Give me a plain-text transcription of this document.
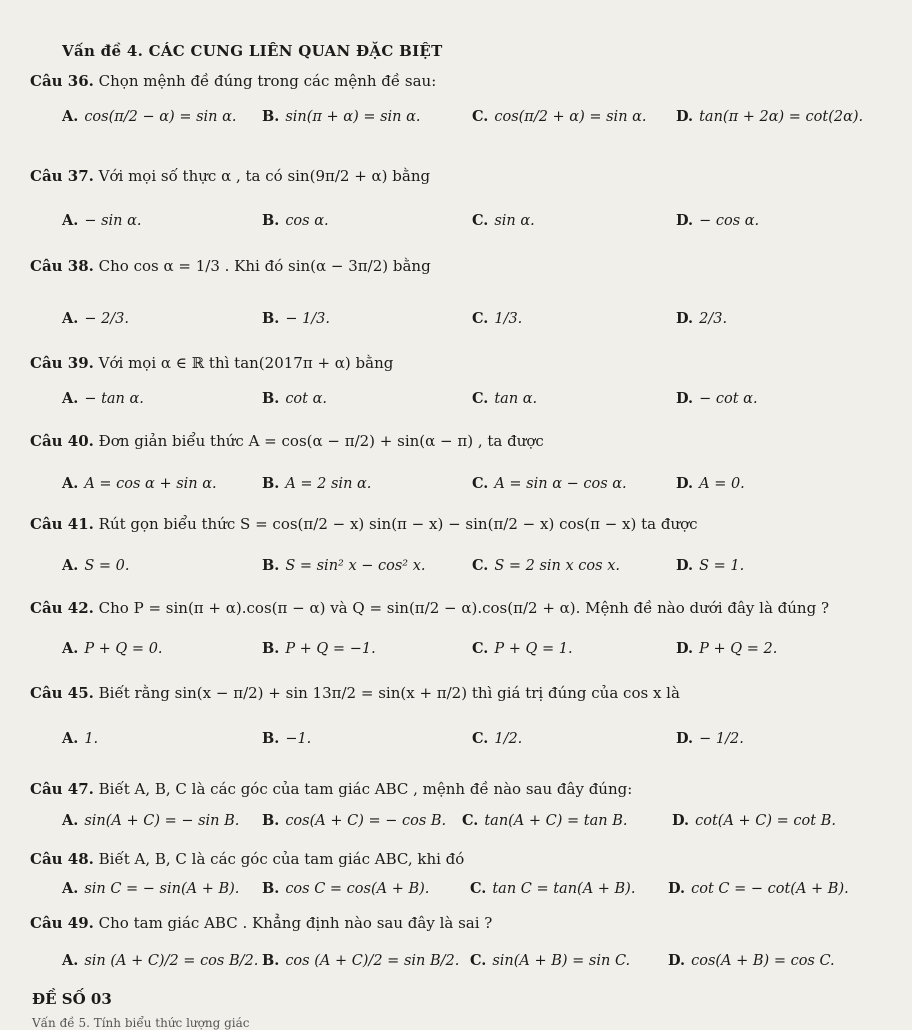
Vấn đề 4. CÁC CUNG LIÊN QUAN ĐẶC BIỆT
Câu 36. Chọn mệnh đề đúng trong các mệnh đề sau:
A. cos(π/2 − α) = sin α. B. sin(π + α) = sin α.	C. cos(π/2 + α) = sin α. D. tan(π + 2α) = cot(2α).
Câu 37. Với mọi số thực α , ta có sin(9π/2 + α) bằng
A. − sin α.	B. cos α.	C. sin α.	D. − cos α.
Câu 38. Cho cos α = 1/3 . Khi đó sin(α − 3π/2) bằng
A. − 2/3.	B. − 1/3.	C. 1/3.	D. 2/3.
Câu 39. Với mọi α ∈ ℝ thì tan(2017π + α) bằng
A. − tan α.	B. cot α.	C. tan α.	D. − cot α.
Câu 40. Đơn giản biểu thức A = cos(α − π/2) + sin(α − π) , ta được
A. A = cos α + sin α.	B. A = 2 sin α.	C. A = sin α − cos α.	D. A = 0.
Câu 41. Rút gọn biểu thức S = cos(π/2 − x) sin(π − x) − sin(π/2 − x) cos(π − x) ta được
A. S = 0.	B. S = sin² x − cos² x.	C. S = 2 sin x cos x.	D. S = 1.
Câu 42. Cho P = sin(π + α).cos(π − α) và Q = sin(π/2 − α).cos(π/2 + α). Mệnh đề nào dưới đây là đúng ?
A. P + Q = 0.	B. P + Q = −1.	C. P + Q = 1.	D. P + Q = 2.
Câu 45. Biết rằng sin(x − π/2) + sin 13π/2 = sin(x + π/2) thì giá trị đúng của cos x là
A. 1.	B. −1.	C. 1/2.	D. − 1/2.
Câu 47. Biết A, B, C là các góc của tam giác ABC , mệnh đề nào sau đây đúng:
A. sin(A + C) = − sin B. B. cos(A + C) = − cos B. C. tan(A + C) = tan B.	D. cot(A + C) = cot B.
Câu 48. Biết A, B, C là các góc của tam giác ABC, khi đó
A. sin C = − sin(A + B). B. cos C = cos(A + B).	C. tan C = tan(A + B). D. cot C = − cot(A + B).
Câu 49. Cho tam giác ABC . Khẳng định nào sau đây là sai ?
A. sin (A + C)/2 = cos B/2. B. cos (A + C)/2 = sin B/2. C. sin(A + B) = sin C.	D. cos(A + B) = cos C.
ĐỀ SỐ 03
Vấn đề 5. Tính biểu thức lượng giác
